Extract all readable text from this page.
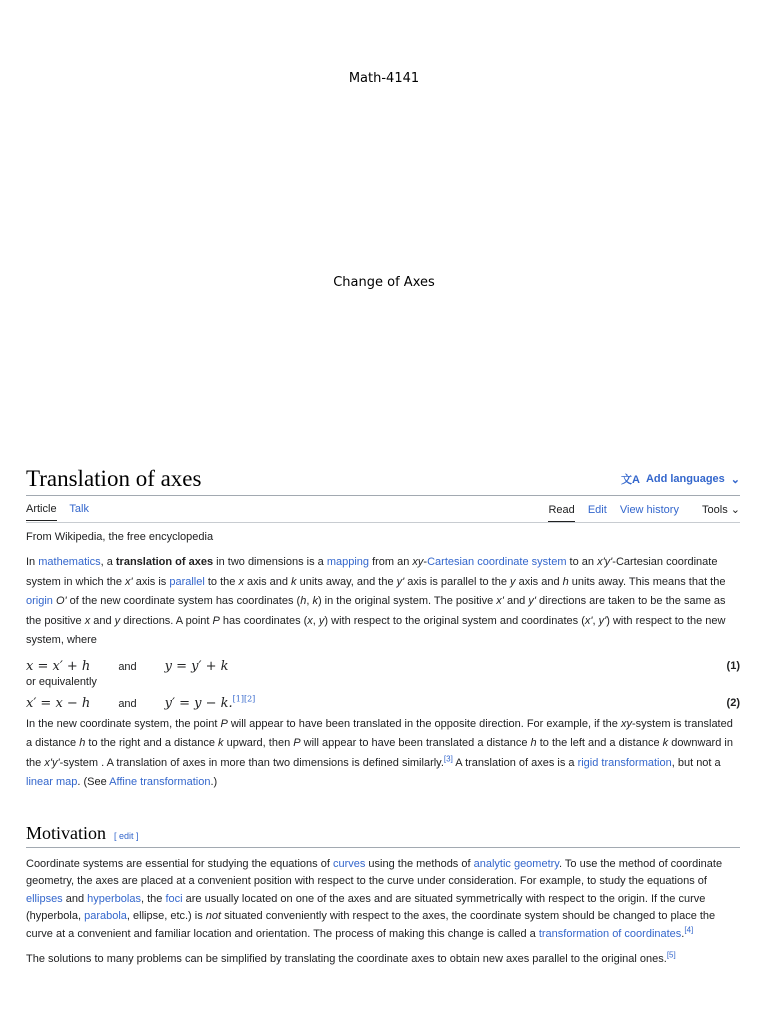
Math-4141
Change of Axes
Translation of axes	文A Add languages ⌄
Article Talk	Read Edit View history Tools ⌄
From Wikipedia, the free encyclopedia

In mathematics, a translation of axes in two dimensions is a mapping from an xy-Cartesian coordinate system to an x'y'-Cartesian coordinate system in which the x' axis is parallel to the x axis and k units away, and the y' axis is parallel to the y axis and h units away. This means that the origin O' of the new coordinate system has coordinates (h, k) in the original system. The positive x' and y' directions are taken to be the same as the positive x and y directions. A point P has coordinates (x, y) with respect to the original system and coordinates (x', y') with respect to the new system, where

x = x′ + h	and y = y′ + k	(1)
or equivalently
x′ = x − h	and y′ = y − k.[1][2]	(2)

In the new coordinate system, the point P will appear to have been translated in the opposite direction. For example, if the xy-system is translated a distance h to the right and a distance k upward, then P will appear to have been translated a distance h to the left and a distance k downward in the x'y'-system . A translation of axes in more than two dimensions is defined similarly.[3] A translation of axes is a rigid transformation, but not a linear map. (See Affine transformation.)

Motivation [ edit ]

Coordinate systems are essential for studying the equations of curves using the methods of analytic geometry. To use the method of coordinate geometry, the axes are placed at a convenient position with respect to the curve under consideration. For example, to study the equations of ellipses and hyperbolas, the foci are usually located on one of the axes and are situated symmetrically with respect to the origin. If the curve (hyperbola, parabola, ellipse, etc.) is not situated conveniently with respect to the axes, the coordinate system should be changed to place the curve at a convenient and familiar location and orientation. The process of making this change is called a transformation of coordinates.[4]

The solutions to many problems can be simplified by translating the coordinate axes to obtain new axes parallel to the original ones.[5]
